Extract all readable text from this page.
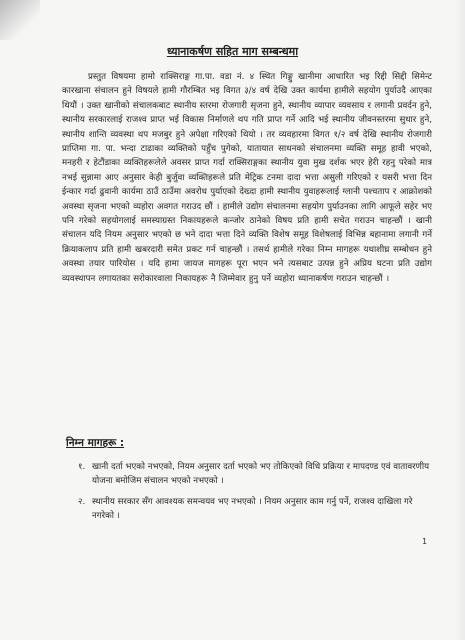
ध्यानाकर्षण सहित माग सम्बन्धमा
प्रस्तुत विषयमा हामो राक्सिराङ्ग गा.पा. वडा नं. ४ स्थित गिङ्गु खानीमा आधारित भइ रिद्दी सिद्दी सिमेन्ट कारखाना संचालन हुने विषयले हामी गौरम्बित भइ विगत ३/४ वर्ष देखि उक्त कार्यमा हामीले सहयोग पुर्याउदै आएका थियौं । उक्त खानीको संचालकबाट स्थानीय स्तरमा रोजगारी सृजना हुने, स्थानीय व्यापार व्यवसाय र लगानी प्रवर्दन हुने, स्थानीय सरकारलाई राजश्व प्राप्त भई विकास निर्माणले थप गति प्राप्त गर्ने आदि भई स्थानीय जीवनस्तरमा सुधार हुने, स्थानीय शान्ति व्यवस्था थप मजबुर हुने अपेक्षा गरिएको थियो । तर व्यवहारमा विगत १/२ वर्ष देखि स्थानीय रोजगारी प्राप्तिमा गा. पा. भन्दा टाढाका व्यक्तिको पहुँच पुगेको, यातायात साधनको संचालनमा व्यक्ति समूह हावी भएको, मनहरी र हेटौंडाका व्यक्तिहरूलेले अवसर प्राप्त गर्दा राक्सिराङ्गका स्थानीय युवा मुख दर्शक भएर हेरी रहनु परेको मात्र नभई सुन्नामा आए अनुसार केही बुर्जुवा व्यक्तिहरूले प्रति मेट्रिक टनमा दादा भत्ता असुली गरिएको र यसरी भत्ता दिन ईन्कार गर्दा ढुवानी कार्यमा ठाउँ ठाउँमा अवरोध पुर्याएको देख्दा हामी स्थानीय युवाहरूलाई ग्लानी पश्चताप र आक्रोशको अवस्था सृजना भएको व्यहोरा अवगत गराउद छौं । हामीले उद्योग संचालनमा सहयोग पुर्याउनका लागि आफूले सहेर भए पनि गरेको सहयोगलाई समस्याग्रस्त निकायहरूले कन्जोर ठानेको विषय प्रति हामी सचेत गराउन चाहन्छौं । खानी संचालन यदि नियम अनुसार भएको छ भने दादा भत्ता दिने व्यक्ति विशेष समूह विशेषलाई विभिन्न बहानामा लगानी गर्ने क्रियाकलाप प्रति हामी खबरदारी समेत प्रकट गर्न चाहन्छौं । तसर्थ हामीले गरेका निम्न मागहरू यथाशीघ्र सम्बोधन हुने अवस्था तयार पारियोस । यदि हामा जायज मागहरू पूरा भएन भने त्यसबाट उत्पन्न हुने अप्रिय घटना प्रति उद्योग व्यवस्थापन लगायतका सरोकारवाला निकायहरू नै जिम्मेवार हुनु पर्ने व्यहोरा ध्यानाकर्षण गराउन चाहन्छौं ।
निम्न मागहरू :
१. खानी दर्ता भएको नभएको, नियम अनुसार दर्ता भएको भए तोकिएको विधि प्रक्रिया र मापदण्ड एवं वातावरणीय योजना बमोजिम संचालन भएको नभएको ।
२. स्थानीय सरकार सँग आवश्यक समन्वयव भए नभएको । नियम अनुसार काम गर्नु पर्ने, राजश्व दाखिला गरे नगरेको ।
1
